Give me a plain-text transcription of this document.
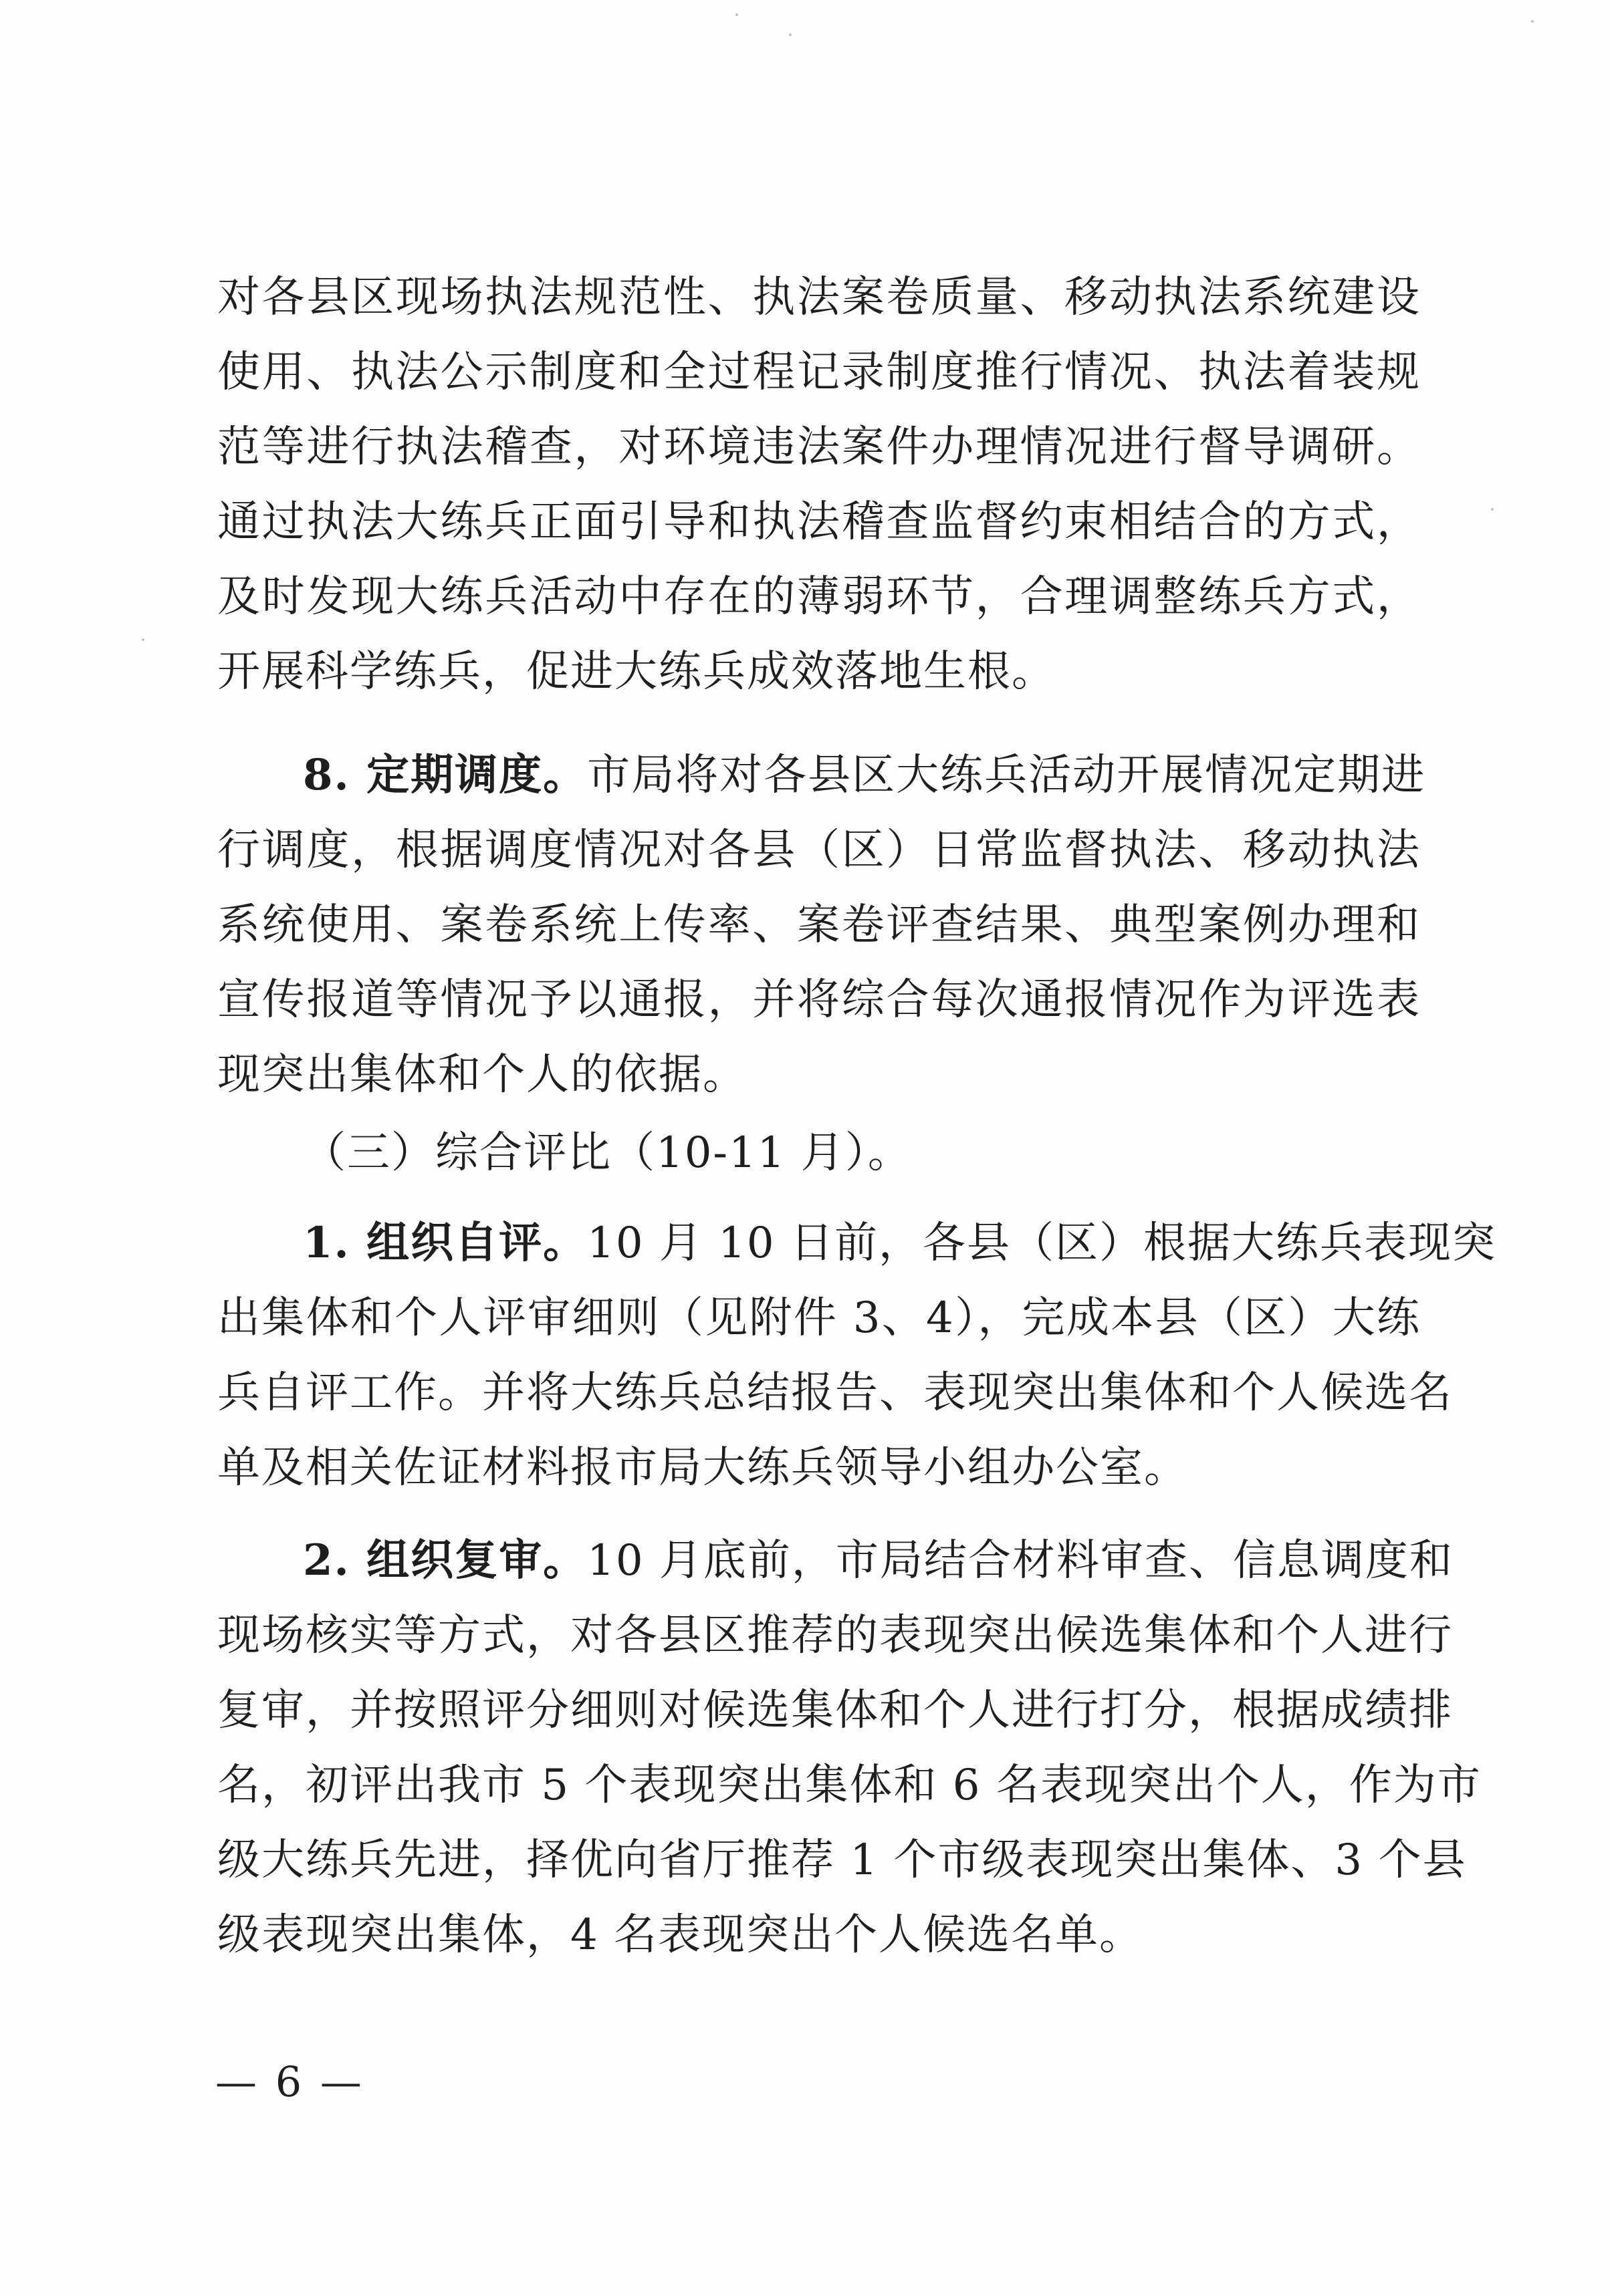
对各县区现场执法规范性、执法案卷质量、移动执法系统建设
使用、执法公示制度和全过程记录制度推行情况、执法着装规
范等进行执法稽查，对环境违法案件办理情况进行督导调研。
通过执法大练兵正面引导和执法稽查监督约束相结合的方式，
及时发现大练兵活动中存在的薄弱环节，合理调整练兵方式，
开展科学练兵，促进大练兵成效落地生根。
8. 定期调度。市局将对各县区大练兵活动开展情况定期进
行调度，根据调度情况对各县（区）日常监督执法、移动执法
系统使用、案卷系统上传率、案卷评查结果、典型案例办理和
宣传报道等情况予以通报，并将综合每次通报情况作为评选表
现突出集体和个人的依据。
（三）综合评比（10-11 月）。
1. 组织自评。10 月 10 日前，各县（区）根据大练兵表现突
出集体和个人评审细则（见附件 3、4），完成本县（区）大练
兵自评工作。并将大练兵总结报告、表现突出集体和个人候选名
单及相关佐证材料报市局大练兵领导小组办公室。
2. 组织复审。10 月底前，市局结合材料审查、信息调度和
现场核实等方式，对各县区推荐的表现突出候选集体和个人进行
复审，并按照评分细则对候选集体和个人进行打分，根据成绩排
名，初评出我市 5 个表现突出集体和 6 名表现突出个人，作为市
级大练兵先进，择优向省厅推荐 1 个市级表现突出集体、3 个县
级表现突出集体，4 名表现突出个人候选名单。
— 6 —
